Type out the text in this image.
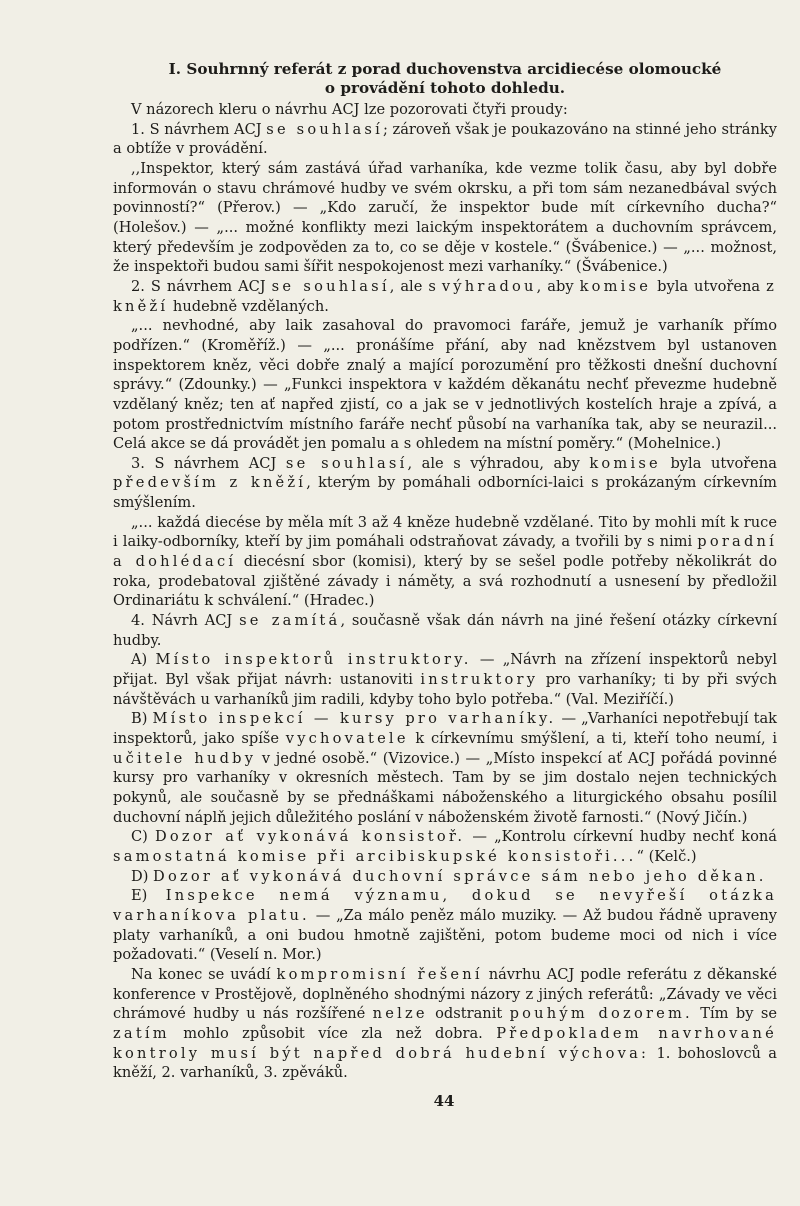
I. Souhrnný referát z porad duchovenstva arcidiecése olomoucké
o provádění tohoto dohledu.

V názorech kleru o návrhu ACJ lze pozorovati čtyři proudy:

1. S návrhem ACJ se souhlasí; zároveň však je poukazováno na stinné jeho stránky a obtíže v provádění.

,,Inspektor, který sám zastává úřad varhaníka, kde vezme tolik času, aby byl dobře informován o stavu chrámové hudby ve svém okrsku, a při tom sám nezanedbával svých povinností?“ (Přerov.) — „Kdo zaručí, že inspektor bude mít církevního ducha?“ (Holešov.) — „... možné konflikty mezi laickým inspektorátem a duchovním správcem, který především je zodpověden za to, co se děje v kostele.“ (Švábenice.) — „... možnost, že inspektoři budou sami šířit nespokojenost mezi varhaníky.“ (Švábenice.)

2. S návrhem ACJ se souhlasí, ale s výhradou, aby komise byla utvořena z kněží hudebně vzdělaných.

„... nevhodné, aby laik zasahoval do pravomoci faráře, jemuž je varhaník přímo podřízen.“ (Kroměříž.) — „... pronášíme přání, aby nad knězstvem byl ustanoven inspektorem kněz, věci dobře znalý a mající porozumění pro těžkosti dnešní duchovní správy.“ (Zdounky.) — „Funkci inspektora v každém děkanátu nechť převezme hudebně vzdělaný kněz; ten ať napřed zjistí, co a jak se v jednotlivých kostelích hraje a zpívá, a potom prostřednictvím místního faráře nechť působí na varhaníka tak, aby se neurazil... Celá akce se dá provádět jen pomalu a s ohledem na místní poměry.“ (Mohelnice.)

3. S návrhem ACJ se souhlasí, ale s výhradou, aby komise byla utvořena především z kněží, kterým by pomáhali odborníci-laici s prokázaným církevním smýšlením.

„... každá diecése by měla mít 3 až 4 kněze hudebně vzdělané. Tito by mohli mít k ruce i laiky-odborníky, kteří by jim pomáhali odstraňovat závady, a tvořili by s nimi poradní a dohlédací diecésní sbor (komisi), který by se sešel podle potřeby několikrát do roka, prodebatoval zjištěné závady i náměty, a svá rozhodnutí a usnesení by předložil Ordinariátu k schválení.“ (Hradec.)

4. Návrh ACJ se zamítá, současně však dán návrh na jiné řešení otázky církevní hudby.

A) Místo inspektorů instruktory. — „Návrh na zřízení inspektorů nebyl přijat. Byl však přijat návrh: ustanoviti instruktory pro varhaníky; ti by při svých návštěvách u varhaníků jim radili, kdyby toho bylo potřeba.“ (Val. Meziříčí.)

B) Místo inspekcí — kursy pro varhaníky. — „Varhaníci nepotřebují tak inspektorů, jako spíše vychovatele k církevnímu smýšlení, a ti, kteří toho neumí, i učitele hudby v jedné osobě.“ (Vizovice.) — „Místo inspekcí ať ACJ pořádá povinné kursy pro varhaníky v okresních městech. Tam by se jim dostalo nejen technických pokynů, ale současně by se přednáškami náboženského a liturgického obsahu posílil duchovní náplň jejich důležitého poslání v náboženském životě farnosti.“ (Nový Jičín.)

C) Dozor ať vykonává konsistoř. — „Kontrolu církevní hudby nechť koná samostatná komise při arcibiskupské konsistoři...“ (Kelč.)

D) Dozor ať vykonává duchovní správce sám nebo jeho děkan.

E) Inspekce nemá významu, dokud se nevyřeší otázka varhaníkova platu. — „Za málo peněz málo muziky. — Až budou řádně upraveny platy varhaníků, a oni budou hmotně zajištěni, potom budeme moci od nich i více požadovati.“ (Veselí n. Mor.)

Na konec se uvádí kompromisní řešení návrhu ACJ podle referátu z děkanské konference v Prostějově, doplněného shodnými názory z jiných referátů: „Závady ve věci chrámové hudby u nás rozšířené nelze odstranit pouhým dozorem. Tím by se zatím mohlo způsobit více zla než dobra. Předpokladem navrhované kontroly musí být napřed dobrá hudební výchova: 1. bohoslovců a kněží, 2. varhaníků, 3. zpěváků.

44
